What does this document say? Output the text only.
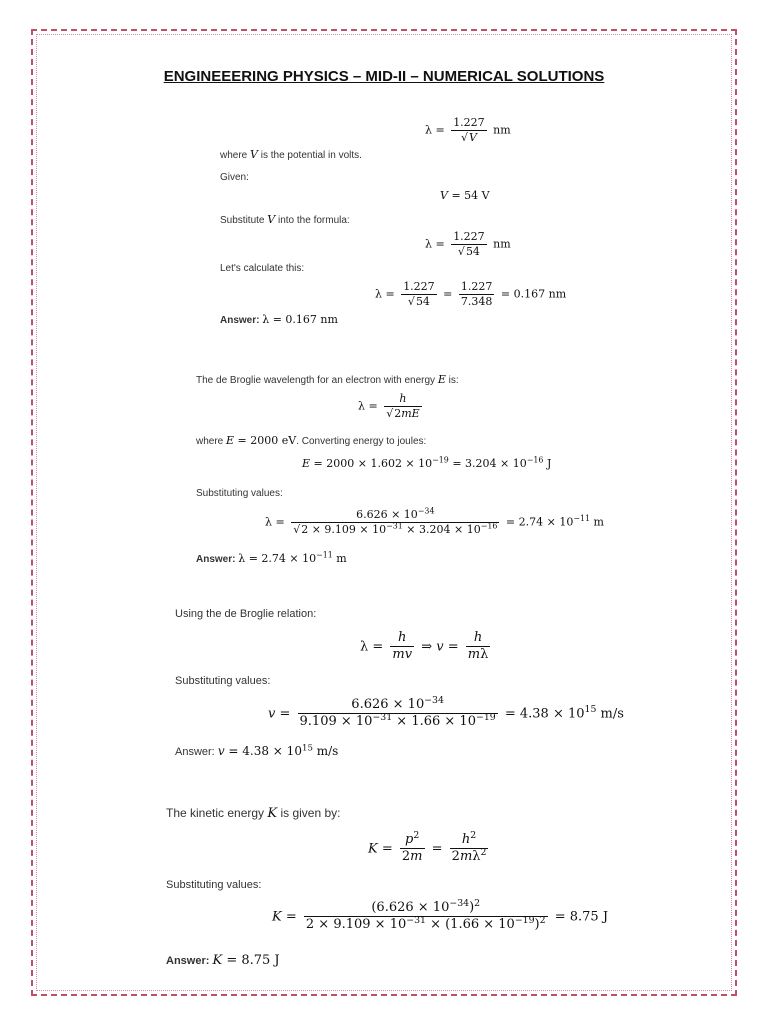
ENGINEEERING PHYSICS – MID-II – NUMERICAL SOLUTIONS
$\lambda = \frac{1.227}{√V}$ nm
where V is the potential in volts.
Given:
V = 54 V
Substitute V into the formula:
$\lambda = \frac{1.227}{√54}$ nm
Let's calculate this:
$\lambda = \frac{1.227}{√54} = \frac{1.227}{7.348} = 0.167$ nm
Answer: λ = 0.167 nm
The de Broglie wavelength for an electron with energy E is:
$\lambda = \frac{h}{√2mE}$
where E = 2000 eV. Converting energy to joules:
$E = 2000 \times 1.602 \times 10^{-19} = 3.204 \times 10^{-16}$ J
Substituting values:
$\lambda = \frac{6.626 \times 10^{-34}}{√2 \times 9.109 \times 10^{-31} \times 3.204 \times 10^{-16}} = 2.74 \times 10^{-11}$ m
Answer: $\lambda = 2.74 \times 10^{-11}$ m
Using the de Broglie relation:
$\lambda = \frac{h}{mv}$ ⇒ $v = \frac{h}{m\lambda}$
Substituting values:
$v = \frac{6.626 \times 10^{-34}}{9.109 \times 10^{-31} \times 1.66 \times 10^{-19}} = 4.38 \times 10^{15}$ m/s
Answer: $v = 4.38 \times 10^{15}$ m/s
The kinetic energy K is given by:
$K = \frac{p^2}{2m} = \frac{h^2}{2m\lambda^2}$
Substituting values:
$K = \frac{(6.626 \times 10^{-34})^2}{2 \times 9.109 \times 10^{-31} \times (1.66 \times 10^{-19})^2} = 8.75$ J
Answer: K = 8.75 J
